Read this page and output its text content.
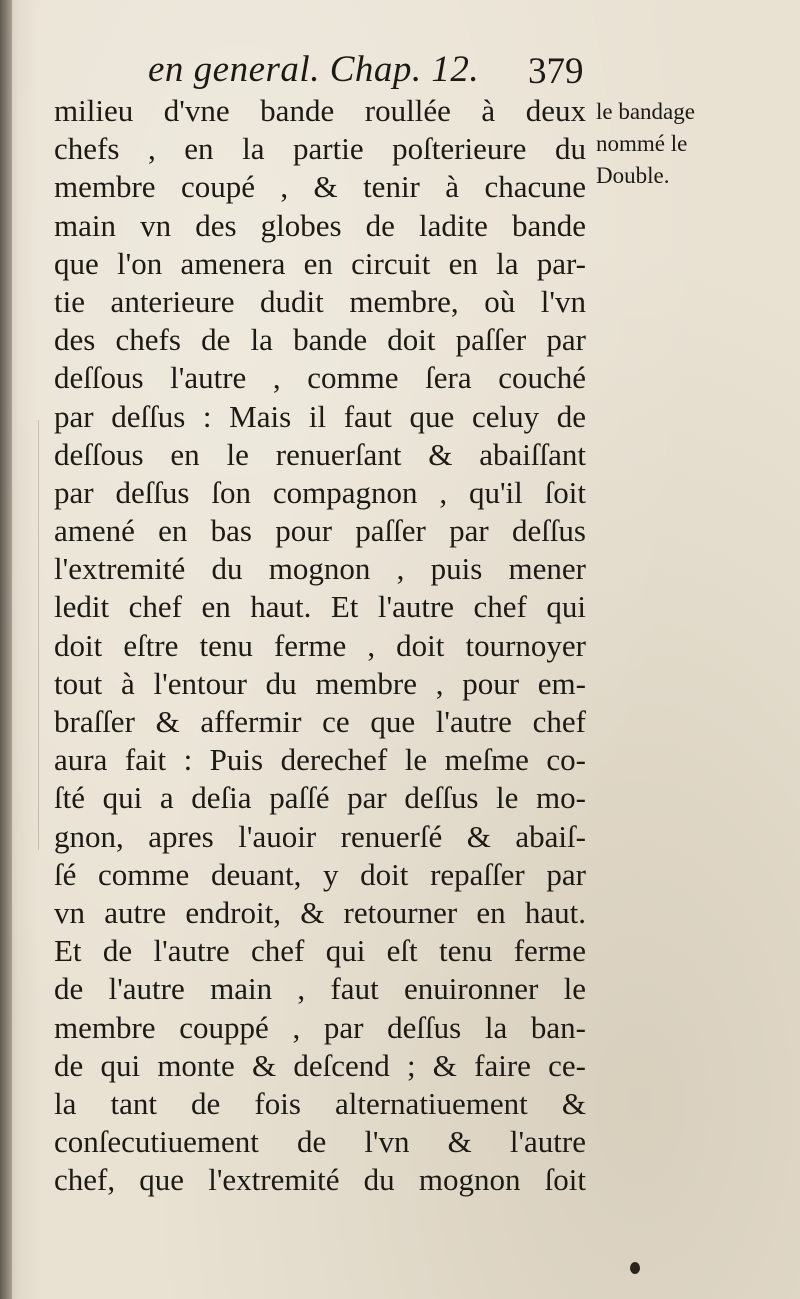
en general. Chap. 12. 379
milieu d'vne bande roullée à deux
chefs , en la partie poſterieure du
membre coupé , & tenir à chacune
main vn des globes de ladite bande
que l'on amenera en circuit en la par-
tie anterieure dudit membre, où l'vn
des chefs de la bande doit paſſer par
deſſous l'autre , comme ſera couché
par deſſus : Mais il faut que celuy de
deſſous en le renuerſant & abaiſſant
par deſſus ſon compagnon , qu'il ſoit
amené en bas pour paſſer par deſſus
l'extremité du mognon , puis mener
ledit chef en haut. Et l'autre chef qui
doit eſtre tenu ferme , doit tournoyer
tout à l'entour du membre , pour em-
braſſer & affermir ce que l'autre chef
aura fait : Puis derechef le meſme co-
ſté qui a deſia paſſé par deſſus le mo-
gnon, apres l'auoir renuerſé & abaiſ-
ſé comme deuant, y doit repaſſer par
vn autre endroit, & retourner en haut.
Et de l'autre chef qui eſt tenu ferme
de l'autre main , faut enuironner le
membre couppé , par deſſus la ban-
de qui monte & deſcend ; & faire ce-
la tant de fois alternatiuement &
conſecutiuement de l'vn & l'autre
chef, que l'extremité du mognon ſoit
le bandage
nommé le
Double.
